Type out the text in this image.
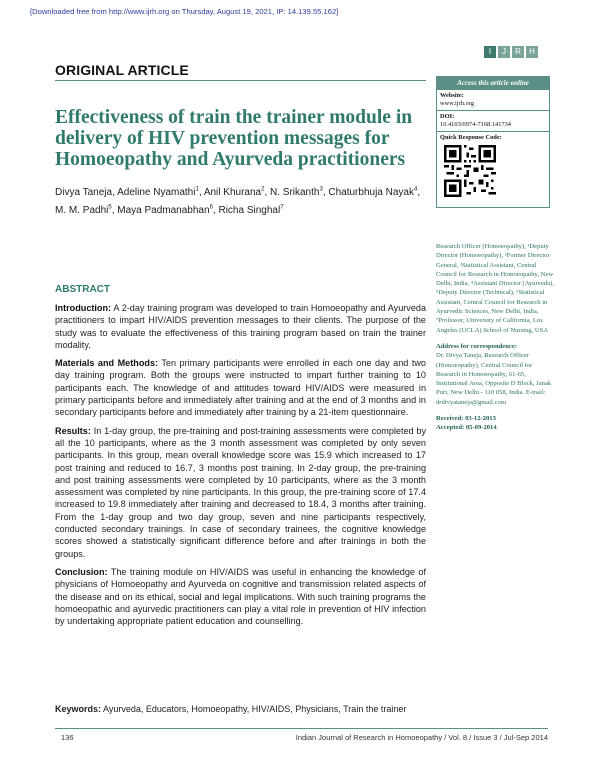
[Downloaded free from http://www.ijrh.org on Thursday, August 19, 2021, IP: 14.139.55.162]
I	J	R	H
ORIGINAL ARTICLE
Effectiveness of train the trainer module in delivery of HIV prevention messages for Homoeopathy and Ayurveda practitioners
Divya Taneja, Adeline Nyamathi$^1$, Anil Khurana$^2$, N. Srikanth$^3$, Chaturbhuja Nayak$^4$, M. M. Padhi$^5$, Maya Padmanabhan$^6$, Richa Singhal$^7$
Access this article online
Website:
www.ijrh.org
DOI:
10.4103/0974-7168.141734
Quick Response Code:

Research Officer (Homoeopathy), ¹Deputy Director (Homoeopathy), ²Former Director General, ³Statistical Assistant, Central Council for Research in Homoeopathy, New Delhi, India, ⁴Assistant Director (Ayurveda), ⁵Deputy Director (Technical), ⁶Statistical Assistant, Central Council for Research in Ayurvedic Sciences, New Delhi, India, ⁷Professor, University of California, Los Angeles (UCLA) School of Nursing, USA

Address for correspondence:
Dr. Divya Taneja, Research Officer (Homoeopathy), Central Council for Research in Homoeopathy, 61-65, Institutional Area, Opposite D Block, Janak Puri, New Delhi - 110 058, India. E-mail: drdivyataneja@gmail.com
Received: 03-12-2013
Accepted: 05-09-2014
ABSTRACT

Introduction: A 2-day training program was developed to train Homoeopathy and Ayurveda practitioners to impart HIV/AIDS prevention messages to their clients. The purpose of the study was to evaluate the effectiveness of this training program based on train the trainer modality.

Materials and Methods: Ten primary participants were enrolled in each one day and two day training program. Both the groups were instructed to impart further training to 10 participants each. The knowledge of and attitudes toward HIV/AIDS were measured in primary participants before and immediately after training and at the end of 3 months and in secondary participants before and immediately after training by a 21-item questionnaire.

Results: In 1-day group, the pre-training and post-training assessments were completed by all the 10 participants, where as the 3 month assessment was completed by only seven participants. In this group, mean overall knowledge score was 15.9 which increased to 17 post training and reduced to 16.7, 3 months post training. In 2-day group, the pre-training and post training assessments were completed by 10 participants, where as the 3 month assessment was completed by nine participants. In this group, the pre-training score of 17.4 increased to 19.8 immediately after training and decreased to 18.4, 3 months after training. From the 1-day group and two day group, seven and nine participants respectively, conducted secondary trainings. In case of secondary trainees, the cognitive knowledge scores showed a statistically significant difference before and after trainings in both the groups.

Conclusion: The training module on HIV/AIDS was useful in enhancing the knowledge of physicians of Homoeopathy and Ayurveda on cognitive and transmission related aspects of the disease and on its ethical, social and legal implications. With such training programs the homoeopathic and ayurvedic practitioners can play a vital role in prevention of HIV infection by undertaking appropriate patient education and counselling.

Keywords: Ayurveda, Educators, Homoeopathy, HIV/AIDS, Physicians, Train the trainer
136	Indian Journal of Research in Homoeopathy / Vol. 8 / Issue 3 / Jul-Sep 2014
